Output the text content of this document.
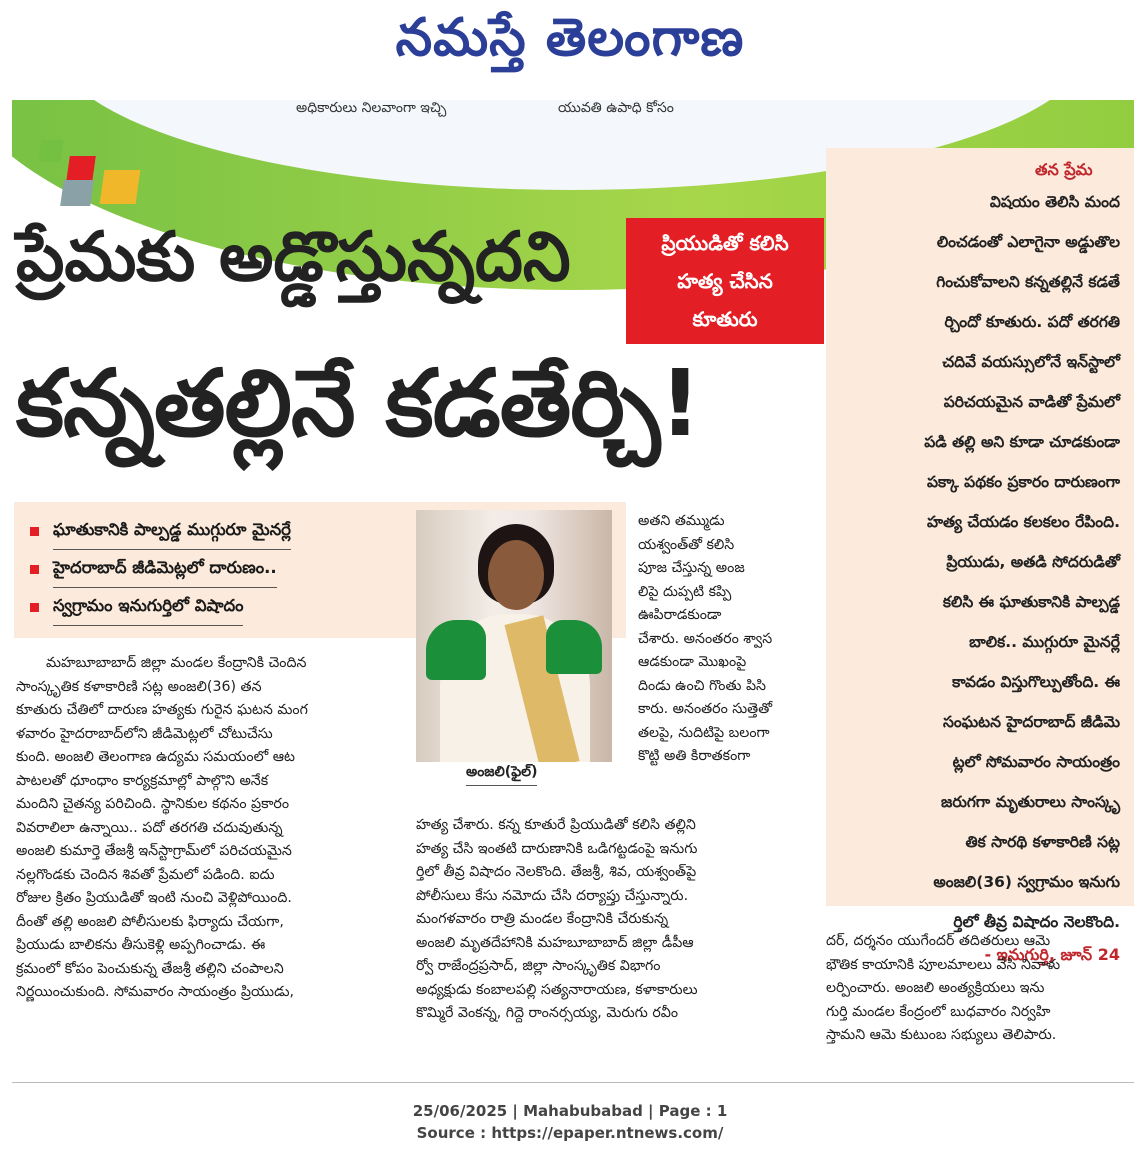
నమస్తే తెలంగాణ
అధికారులు నిలవాంగా ఇచ్చి	యువతి ఉపాధి కోసం
ప్రేమకు అడ్డొస్తున్నదని
కన్నతల్లినే కడతేర్చి!
ప్రియుడితో కలిసి
హత్య చేసిన
కూతురు
తన ప్రేమ
విషయం తెలిసి మంద
లించడంతో ఎలాగైనా అడ్డుతొల
గించుకోవాలని కన్నతల్లినే కడతే
ర్చిందో కూతురు. పదో తరగతి
చదివే వయస్సులోనే ఇన్‌స్టాలో
పరిచయమైన వాడితో ప్రేమలో
పడి తల్లి అని కూడా చూడకుండా
పక్కా పథకం ప్రకారం దారుణంగా
హత్య చేయడం కలకలం రేపింది.
ప్రియుడు, అతడి సోదరుడితో
కలిసి ఈ ఘాతుకానికి పాల్పడ్డ
బాలిక.. ముగ్గురూ మైనర్లే
కావడం విస్తుగొల్పుతోంది. ఈ
సంఘటన హైదరాబాద్ జీడిమె
ట్లలో సోమవారం సాయంత్రం
జరుగగా మృతురాలు సాంస్కృ
తిక సారథి కళాకారిణి సట్ల
అంజలి(36) స్వగ్రామం ఇనుగు
ర్తిలో తీవ్ర విషాదం నెలకొంది.
- ఇనుగుర్తి, జూన్ 24
ఘాతుకానికి పాల్పడ్డ ముగ్గురూ మైనర్లే
హైదరాబాద్ జీడిమెట్లలో దారుణం..
స్వగ్రామం ఇనుగుర్తిలో విషాదం
అంజలి(ఫైల్)
మహబూబాబాద్ జిల్లా మండల కేంద్రానికి చెందిన
సాంస్కృతిక కళాకారిణి సట్ల అంజలి(36) తన
కూతురు చేతిలో దారుణ హత్యకు గురైన ఘటన మంగ
ళవారం హైదరాబాద్‌లోని జీడిమెట్లలో చోటుచేసు
కుంది. అంజలి తెలంగాణ ఉద్యమ సమయంలో ఆట
పాటలతో ధూంధాం కార్యక్రమాల్లో పాల్గొని అనేక
మందిని చైతన్య పరిచింది. స్థానికుల కథనం ప్రకారం
వివరాలిలా ఉన్నాయి.. పదో తరగతి చదువుతున్న
అంజలి కుమార్తె తేజశ్రీ ఇన్‌స్టాగ్రామ్‌లో పరిచయమైన
నల్లగొండకు చెందిన శివతో ప్రేమలో పడింది. ఐదు
రోజుల క్రితం ప్రియుడితో ఇంటి నుంచి వెళ్లిపోయింది.
దీంతో తల్లి అంజలి పోలీసులకు ఫిర్యాదు చేయగా,
ప్రియుడు బాలికను తీసుకెళ్లి అప్పగించాడు. ఈ
క్రమంలో కోపం పెంచుకున్న తేజశ్రీ తల్లిని చంపాలని
నిర్ణయించుకుంది. సోమవారం సాయంత్రం ప్రియుడు,
అతని తమ్ముడు
యశ్వంత్‌తో కలిసి
పూజ చేస్తున్న అంజ
లిపై దుప్పటి కప్పి
ఊపిరాడకుండా
చేశారు. అనంతరం శ్వాస
ఆడకుండా మొఖంపై
దిండు ఉంచి గొంతు పిసి
కారు. అనంతరం సుత్తెతో
తలపై, నుదిటిపై బలంగా
కొట్టి అతి కిరాతకంగా
హత్య చేశారు. కన్న కూతురే ప్రియుడితో కలిసి తల్లిని
హత్య చేసి ఇంతటి దారుణానికి ఒడిగట్టడంపై ఇనుగు
ర్తిలో తీవ్ర విషాదం నెలకొంది. తేజశ్రీ, శివ, యశ్వంత్‌పై
పోలీసులు కేసు నమోదు చేసి దర్యాప్తు చేస్తున్నారు.
మంగళవారం రాత్రి మండల కేంద్రానికి చేరుకున్న
అంజలి మృతదేహానికి మహబూబాబాద్ జిల్లా డీపీఆ
ర్వో రాజేంద్రప్రసాద్, జిల్లా సాంస్కృతిక విభాగం
అధ్యక్షుడు కంబాలపల్లి సత్యనారాయణ, కళాకారులు
కొమ్మిరే వెంకన్న, గిద్దె రాంనర్సయ్య, మెరుగు రవీం
దర్, దర్శనం యుగేందర్ తదితరులు ఆమె
భౌతిక కాయానికి పూలమాలలు వేసి నివాళు
లర్పించారు. అంజలి అంత్యక్రియలు ఇను
గుర్తి మండల కేంద్రంలో బుధవారం నిర్వహి
స్తామని ఆమె కుటుంబ సభ్యులు తెలిపారు.
25/06/2025 | Mahabubabad | Page : 1
Source : https://epaper.ntnews.com/
